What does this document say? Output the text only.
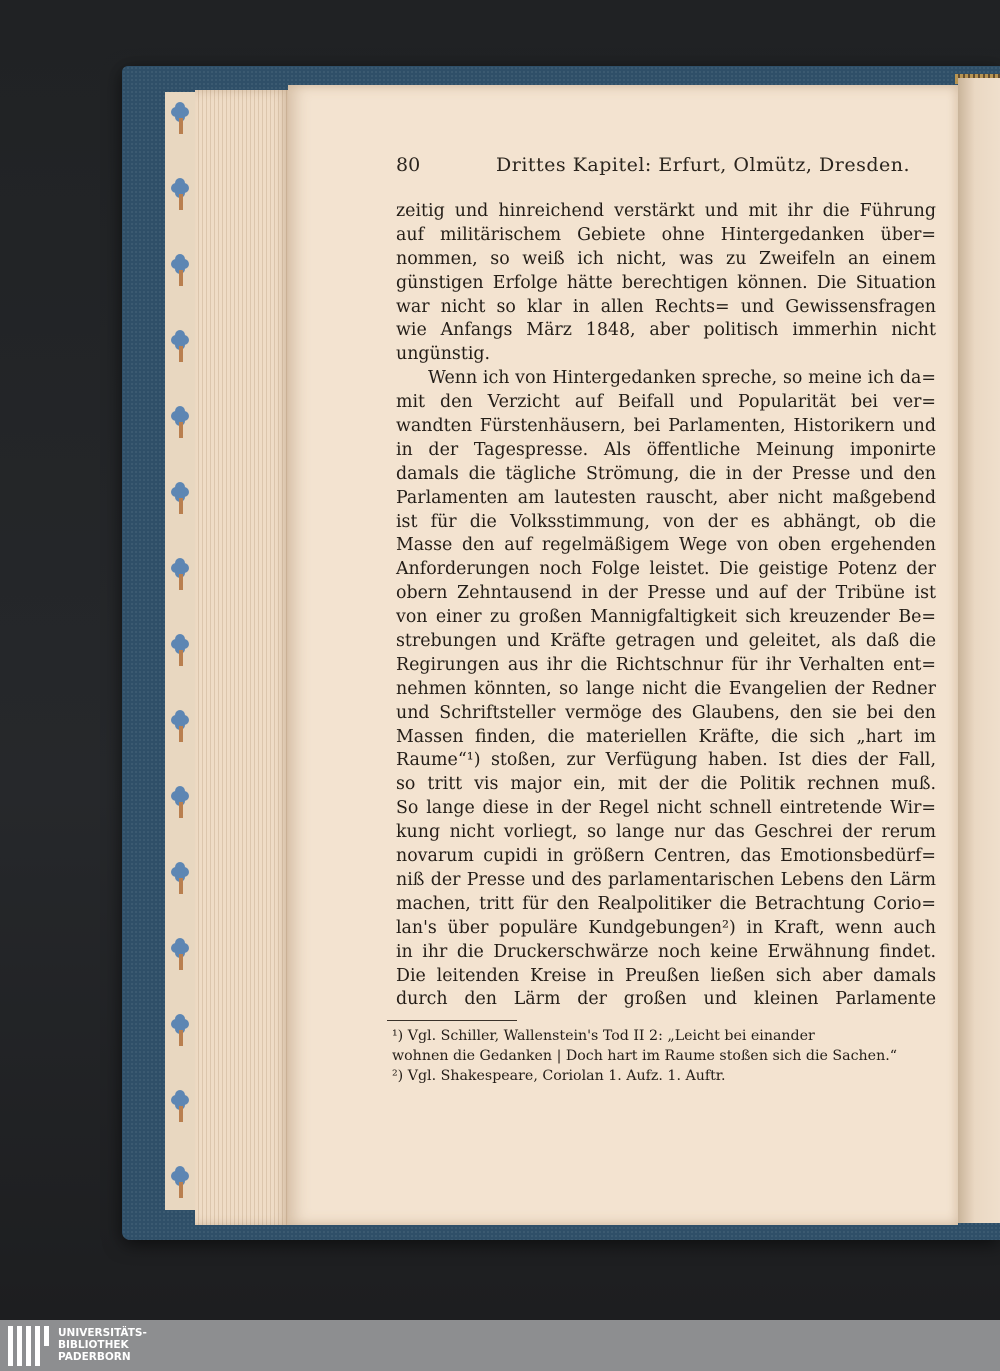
80	Drittes Kapitel: Erfurt, Olmütz, Dresden.
zeitig und hinreichend verstärkt und mit ihr die Führung
auf militärischem Gebiete ohne Hintergedanken über=
nommen, so weiß ich nicht, was zu Zweifeln an einem
günstigen Erfolge hätte berechtigen können. Die Situation
war nicht so klar in allen Rechts= und Gewissensfragen
wie Anfangs März 1848, aber politisch immerhin nicht
ungünstig.
Wenn ich von Hintergedanken spreche, so meine ich da=
mit den Verzicht auf Beifall und Popularität bei ver=
wandten Fürstenhäusern, bei Parlamenten, Historikern und
in der Tagespresse. Als öffentliche Meinung imponirte
damals die tägliche Strömung, die in der Presse und den
Parlamenten am lautesten rauscht, aber nicht maßgebend
ist für die Volksstimmung, von der es abhängt, ob die
Masse den auf regelmäßigem Wege von oben ergehenden
Anforderungen noch Folge leistet. Die geistige Potenz der
obern Zehntausend in der Presse und auf der Tribüne ist
von einer zu großen Mannigfaltigkeit sich kreuzender Be=
strebungen und Kräfte getragen und geleitet, als daß die
Regirungen aus ihr die Richtschnur für ihr Verhalten ent=
nehmen könnten, so lange nicht die Evangelien der Redner
und Schriftsteller vermöge des Glaubens, den sie bei den
Massen finden, die materiellen Kräfte, die sich „hart im
Raume“¹) stoßen, zur Verfügung haben. Ist dies der Fall,
so tritt vis major ein, mit der die Politik rechnen muß.
So lange diese in der Regel nicht schnell eintretende Wir=
kung nicht vorliegt, so lange nur das Geschrei der rerum
novarum cupidi in größern Centren, das Emotionsbedürf=
niß der Presse und des parlamentarischen Lebens den Lärm
machen, tritt für den Realpolitiker die Betrachtung Corio=
lan's über populäre Kundgebungen²) in Kraft, wenn auch
in ihr die Druckerschwärze noch keine Erwähnung findet.
Die leitenden Kreise in Preußen ließen sich aber damals
durch den Lärm der großen und kleinen Parlamente
¹) Vgl. Schiller, Wallenstein's Tod II 2: „Leicht bei einander
wohnen die Gedanken | Doch hart im Raume stoßen sich die Sachen.“
²) Vgl. Shakespeare, Coriolan 1. Aufz. 1. Auftr.
UNIVERSITÄTS-
BIBLIOTHEK
PADERBORN
